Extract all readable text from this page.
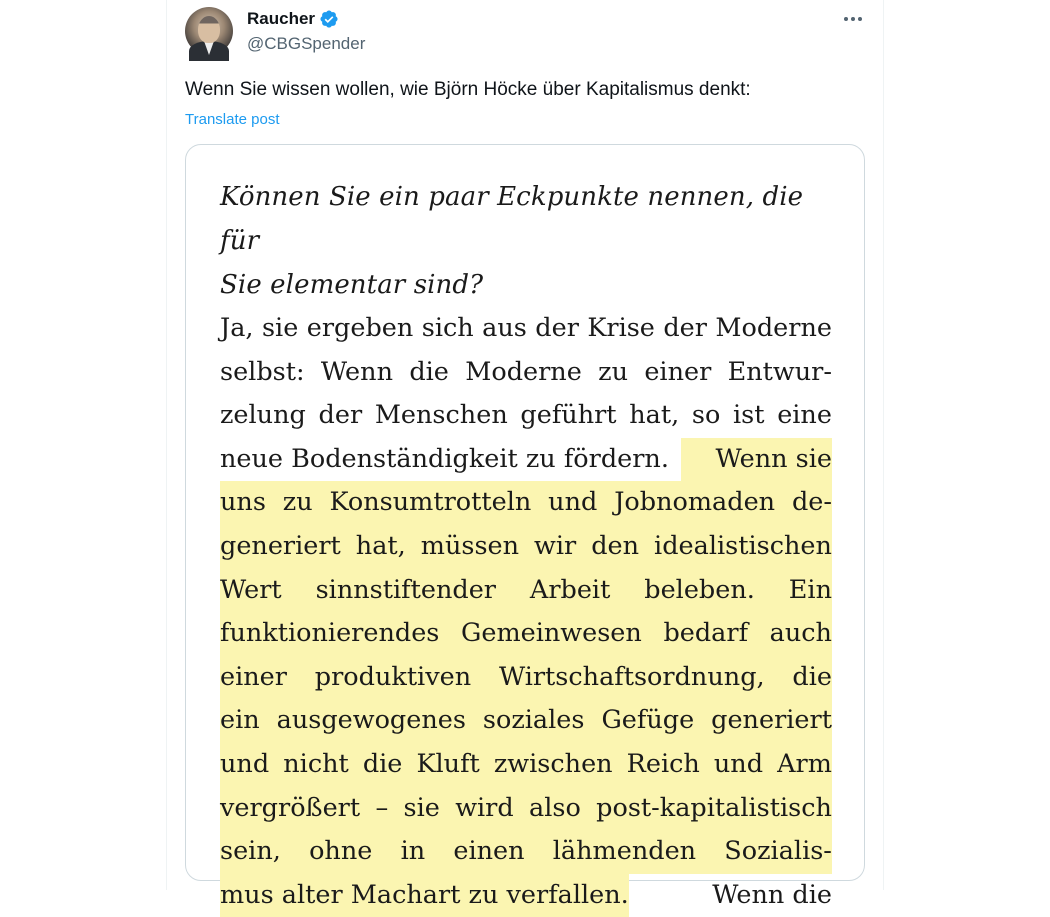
Raucher
@CBGSpender
Wenn Sie wissen wollen, wie Björn Höcke über Kapitalismus denkt:
Translate post
Können Sie ein paar Eckpunkte nennen, die für
Sie elementar sind?
Ja, sie ergeben sich aus der Krise der Moderne
selbst: Wenn die Moderne zu einer Entwur-
zelung der Menschen geführt hat, so ist eine
neue Bodenständigkeit zu fördern.	Wenn sie
uns zu Konsumtrotteln und Jobnomaden de-
generiert hat, müssen wir den idealistischen
Wert sinnstiftender Arbeit beleben. Ein
funktionierendes Gemeinwesen bedarf auch
einer produktiven Wirtschaftsordnung, die
ein ausgewogenes soziales Gefüge generiert
und nicht die Kluft zwischen Reich und Arm
vergrößert – sie wird also post-kapitalistisch
sein, ohne in einen lähmenden Sozialis-
mus alter Machart zu verfallen.	Wenn die
